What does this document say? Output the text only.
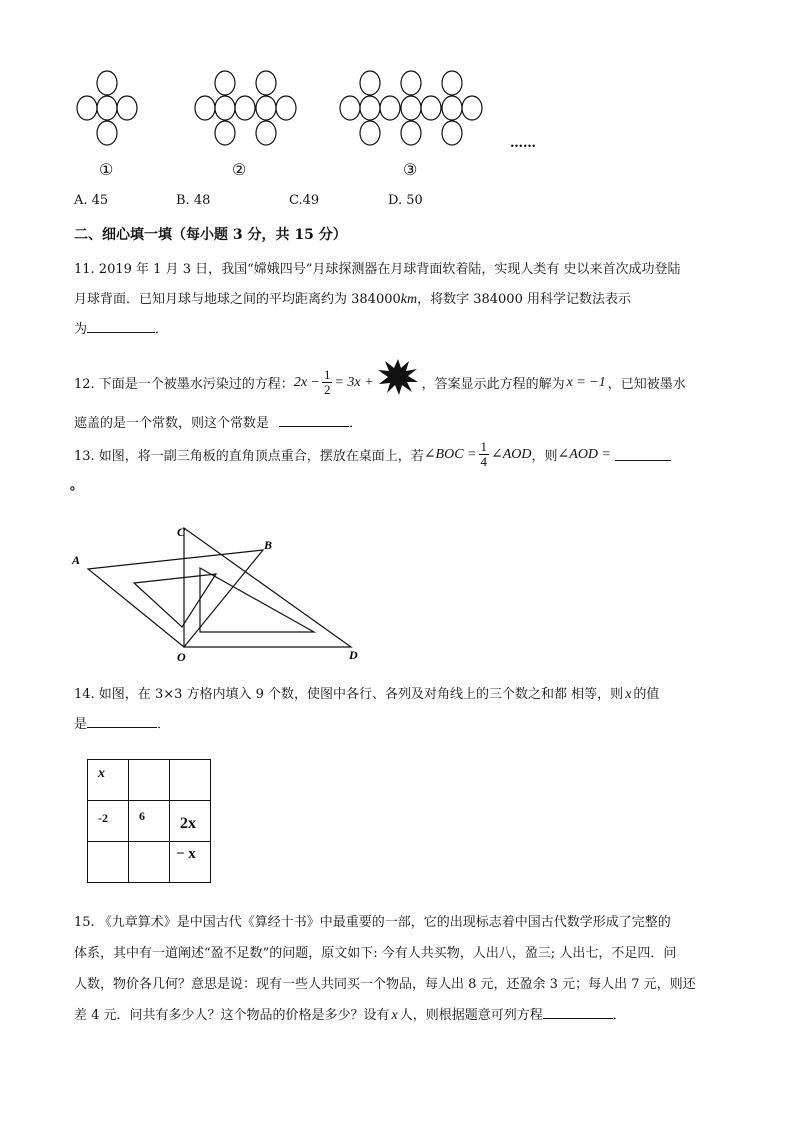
①	②	③
……
A. 45	B. 48	C.49	D. 50
二、细心填一填（每小题 3 分，共 15 分）
11. 2019 年 1 月 3 日，我国“嫦娥四号”月球探测器在月球背面软着陆，实现人类有 史以来首次成功登陆
月球背面．已知月球与地球之间的平均距离约为 384000km，将数字 384000 用科学记数法表示
为	．
12. 下面是一个被墨水污染过的方程： $2x - \frac{1}{2} = 3x$ +	，答案显示此方程的解为 x = −1 ，已知被墨水
遮盖的是一个常数，则这个常数是	．
13. 如图，将一副三角板的直角顶点重合，摆放在桌面上，若 ∠BOC = $\frac{1}{4}$ ∠AOD ，则 ∠AOD =
。
A
B
C
O	D
14. 如图，在 3×3 方格内填入 9 个数，使图中各行、各列及对角线上的三个数之和都 相等，则 x 的值
是	．
x		

-2	6	2x

		− x
15. 《九章算术》是中国古代《算经十书》中最重要的一部，它的出现标志着中国古代数学形成了完整的
体系，其中有一道阐述“盈不足数”的问题，原文如下: 今有人共买物，人出八，盈三; 人出七，不足四．问
人数，物价各几何？意思是说：现有一些人共同买一个物品，每人出 8 元，还盈余 3 元；每人出 7 元，则还
差 4 元．问共有多少人？这个物品的价格是多少？设有 x 人，则根据题意可列方程	．
